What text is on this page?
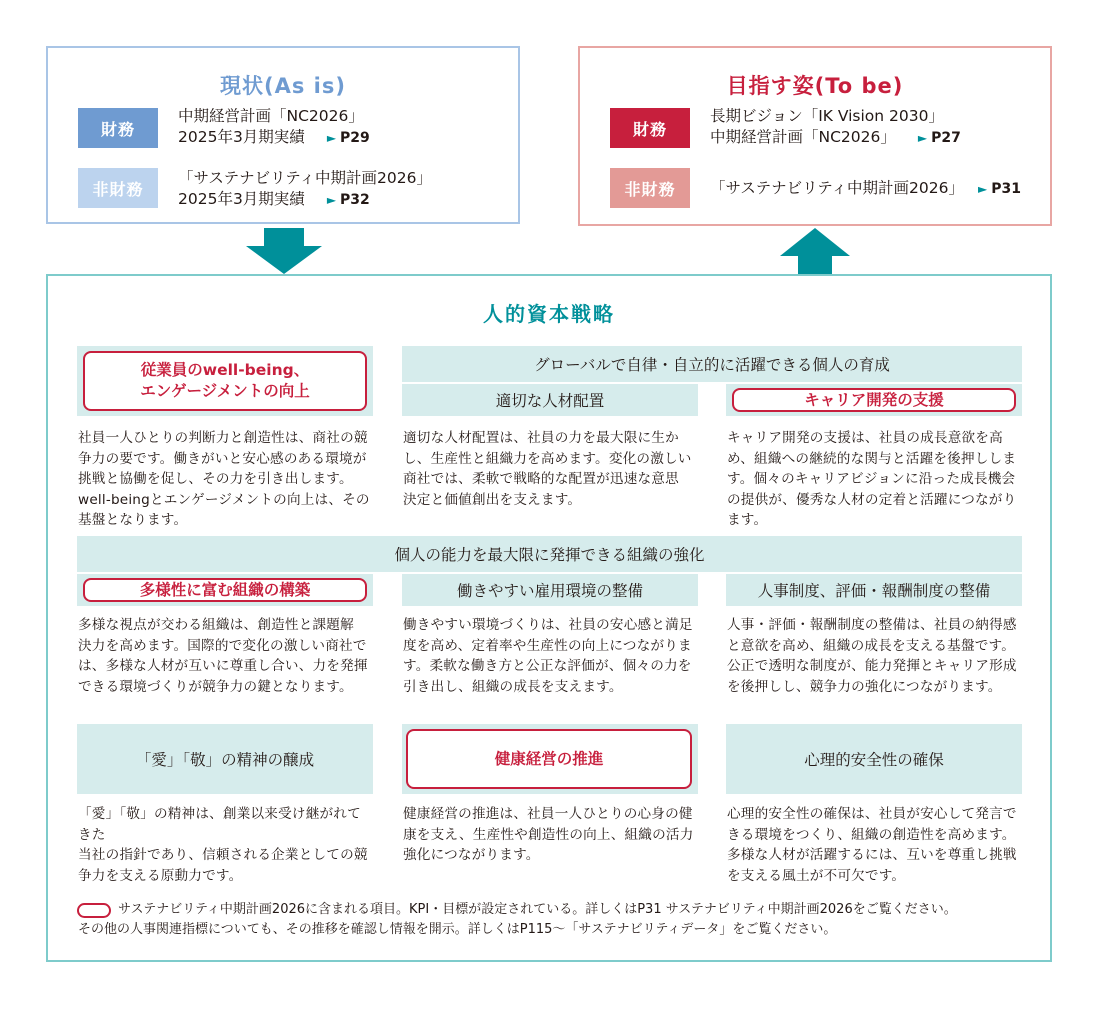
現状(As is)
財務
中期経営計画「NC2026」
2025年3月期実績 ► P29
非財務
「サステナビリティ中期計画2026」
2025年3月期実績 ► P32
目指す姿(To be)
財務
長期ビジョン「IK Vision 2030」
中期経営計画「NC2026」 ► P27
非財務	「サステナビリティ中期計画2026」 ► P31
人的資本戦略
従業員のwell-being、
エンゲージメントの向上
グローバルで自律・自立的に活躍できる個人の育成
適切な人材配置	キャリア開発の支援
社員一人ひとりの判断力と創造性は、商社の競
争力の要です。働きがいと安心感のある環境が
挑戦と協働を促し、その力を引き出します。
well-beingとエンゲージメントの向上は、その
基盤となります。
適切な人材配置は、社員の力を最大限に生か
し、生産性と組織力を高めます。変化の激しい
商社では、柔軟で戦略的な配置が迅速な意思
決定と価値創出を支えます。
キャリア開発の支援は、社員の成長意欲を高
め、組織への継続的な関与と活躍を後押ししま
す。個々のキャリアビジョンに沿った成長機会
の提供が、優秀な人材の定着と活躍につながり
ます。
個人の能力を最大限に発揮できる組織の強化
多様性に富む組織の構築	働きやすい雇用環境の整備	人事制度、評価・報酬制度の整備
多様な視点が交わる組織は、創造性と課題解
決力を高めます。国際的で変化の激しい商社で
は、多様な人材が互いに尊重し合い、力を発揮
できる環境づくりが競争力の鍵となります。
働きやすい環境づくりは、社員の安心感と満足
度を高め、定着率や生産性の向上につながりま
す。柔軟な働き方と公正な評価が、個々の力を
引き出し、組織の成長を支えます。
人事・評価・報酬制度の整備は、社員の納得感
と意欲を高め、組織の成長を支える基盤です。
公正で透明な制度が、能力発揮とキャリア形成
を後押しし、競争力の強化につながります。
「愛」「敬」の精神の醸成	健康経営の推進	心理的安全性の確保
「愛」「敬」の精神は、創業以来受け継がれてきた
当社の指針であり、信頼される企業としての競
争力を支える原動力です。
健康経営の推進は、社員一人ひとりの心身の健
康を支え、生産性や創造性の向上、組織の活力
強化につながります。
心理的安全性の確保は、社員が安心して発言で
きる環境をつくり、組織の創造性を高めます。
多様な人材が活躍するには、互いを尊重し挑戦
を支える風土が不可欠です。
サステナビリティ中期計画2026に含まれる項目。KPI・目標が設定されている。詳しくはP31 サステナビリティ中期計画2026をご覧ください。
その他の人事関連指標についても、その推移を確認し情報を開示。詳しくはP115～「サステナビリティデータ」をご覧ください。
